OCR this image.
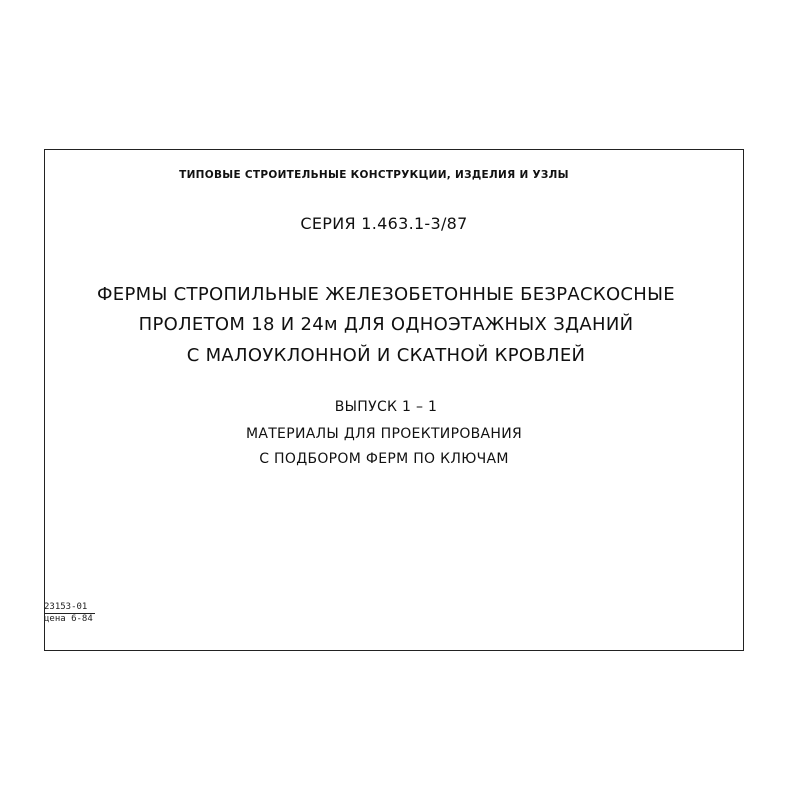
ТИПОВЫЕ СТРОИТЕЛЬНЫЕ КОНСТРУКЦИИ, ИЗДЕЛИЯ И УЗЛЫ
СЕРИЯ 1.463.1-3/87
ФЕРМЫ СТРОПИЛЬНЫЕ ЖЕЛЕЗОБЕТОННЫЕ БЕЗРАСКОСНЫЕ
ПРОЛЕТОМ 18 И 24м ДЛЯ ОДНОЭТАЖНЫХ ЗДАНИЙ
С МАЛОУКЛОННОЙ И СКАТНОЙ КРОВЛЕЙ
ВЫПУСК 1 – 1
МАТЕРИАЛЫ ДЛЯ ПРОЕКТИРОВАНИЯ
С ПОДБОРОМ ФЕРМ ПО КЛЮЧАМ
23153-01
цена 6-84
